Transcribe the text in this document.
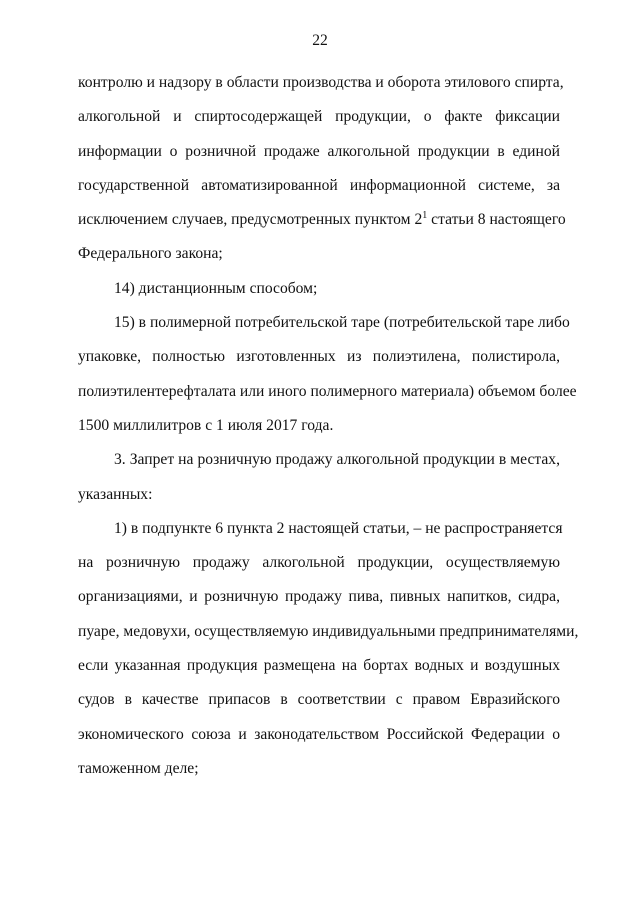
22
контролю и надзору в области производства и оборота этилового спирта,
алкогольной и спиртосодержащей продукции, о факте фиксации
информации о розничной продаже алкогольной продукции в единой
государственной автоматизированной информационной системе, за
исключением случаев, предусмотренных пунктом $2^1$ статьи 8 настоящего
Федерального закона;
14) дистанционным способом;
15) в полимерной потребительской таре (потребительской таре либо
упаковке, полностью изготовленных из полиэтилена, полистирола,
полиэтилентерефталата или иного полимерного материала) объемом более
1500 миллилитров с 1 июля 2017 года.
3. Запрет на розничную продажу алкогольной продукции в местах,
указанных:
1) в подпункте 6 пункта 2 настоящей статьи, – не распространяется
на розничную продажу алкогольной продукции, осуществляемую
организациями, и розничную продажу пива, пивных напитков, сидра,
пуаре, медовухи, осуществляемую индивидуальными предпринимателями,
если указанная продукция размещена на бортах водных и воздушных
судов в качестве припасов в соответствии с правом Евразийского
экономического союза и законодательством Российской Федерации о
таможенном деле;
